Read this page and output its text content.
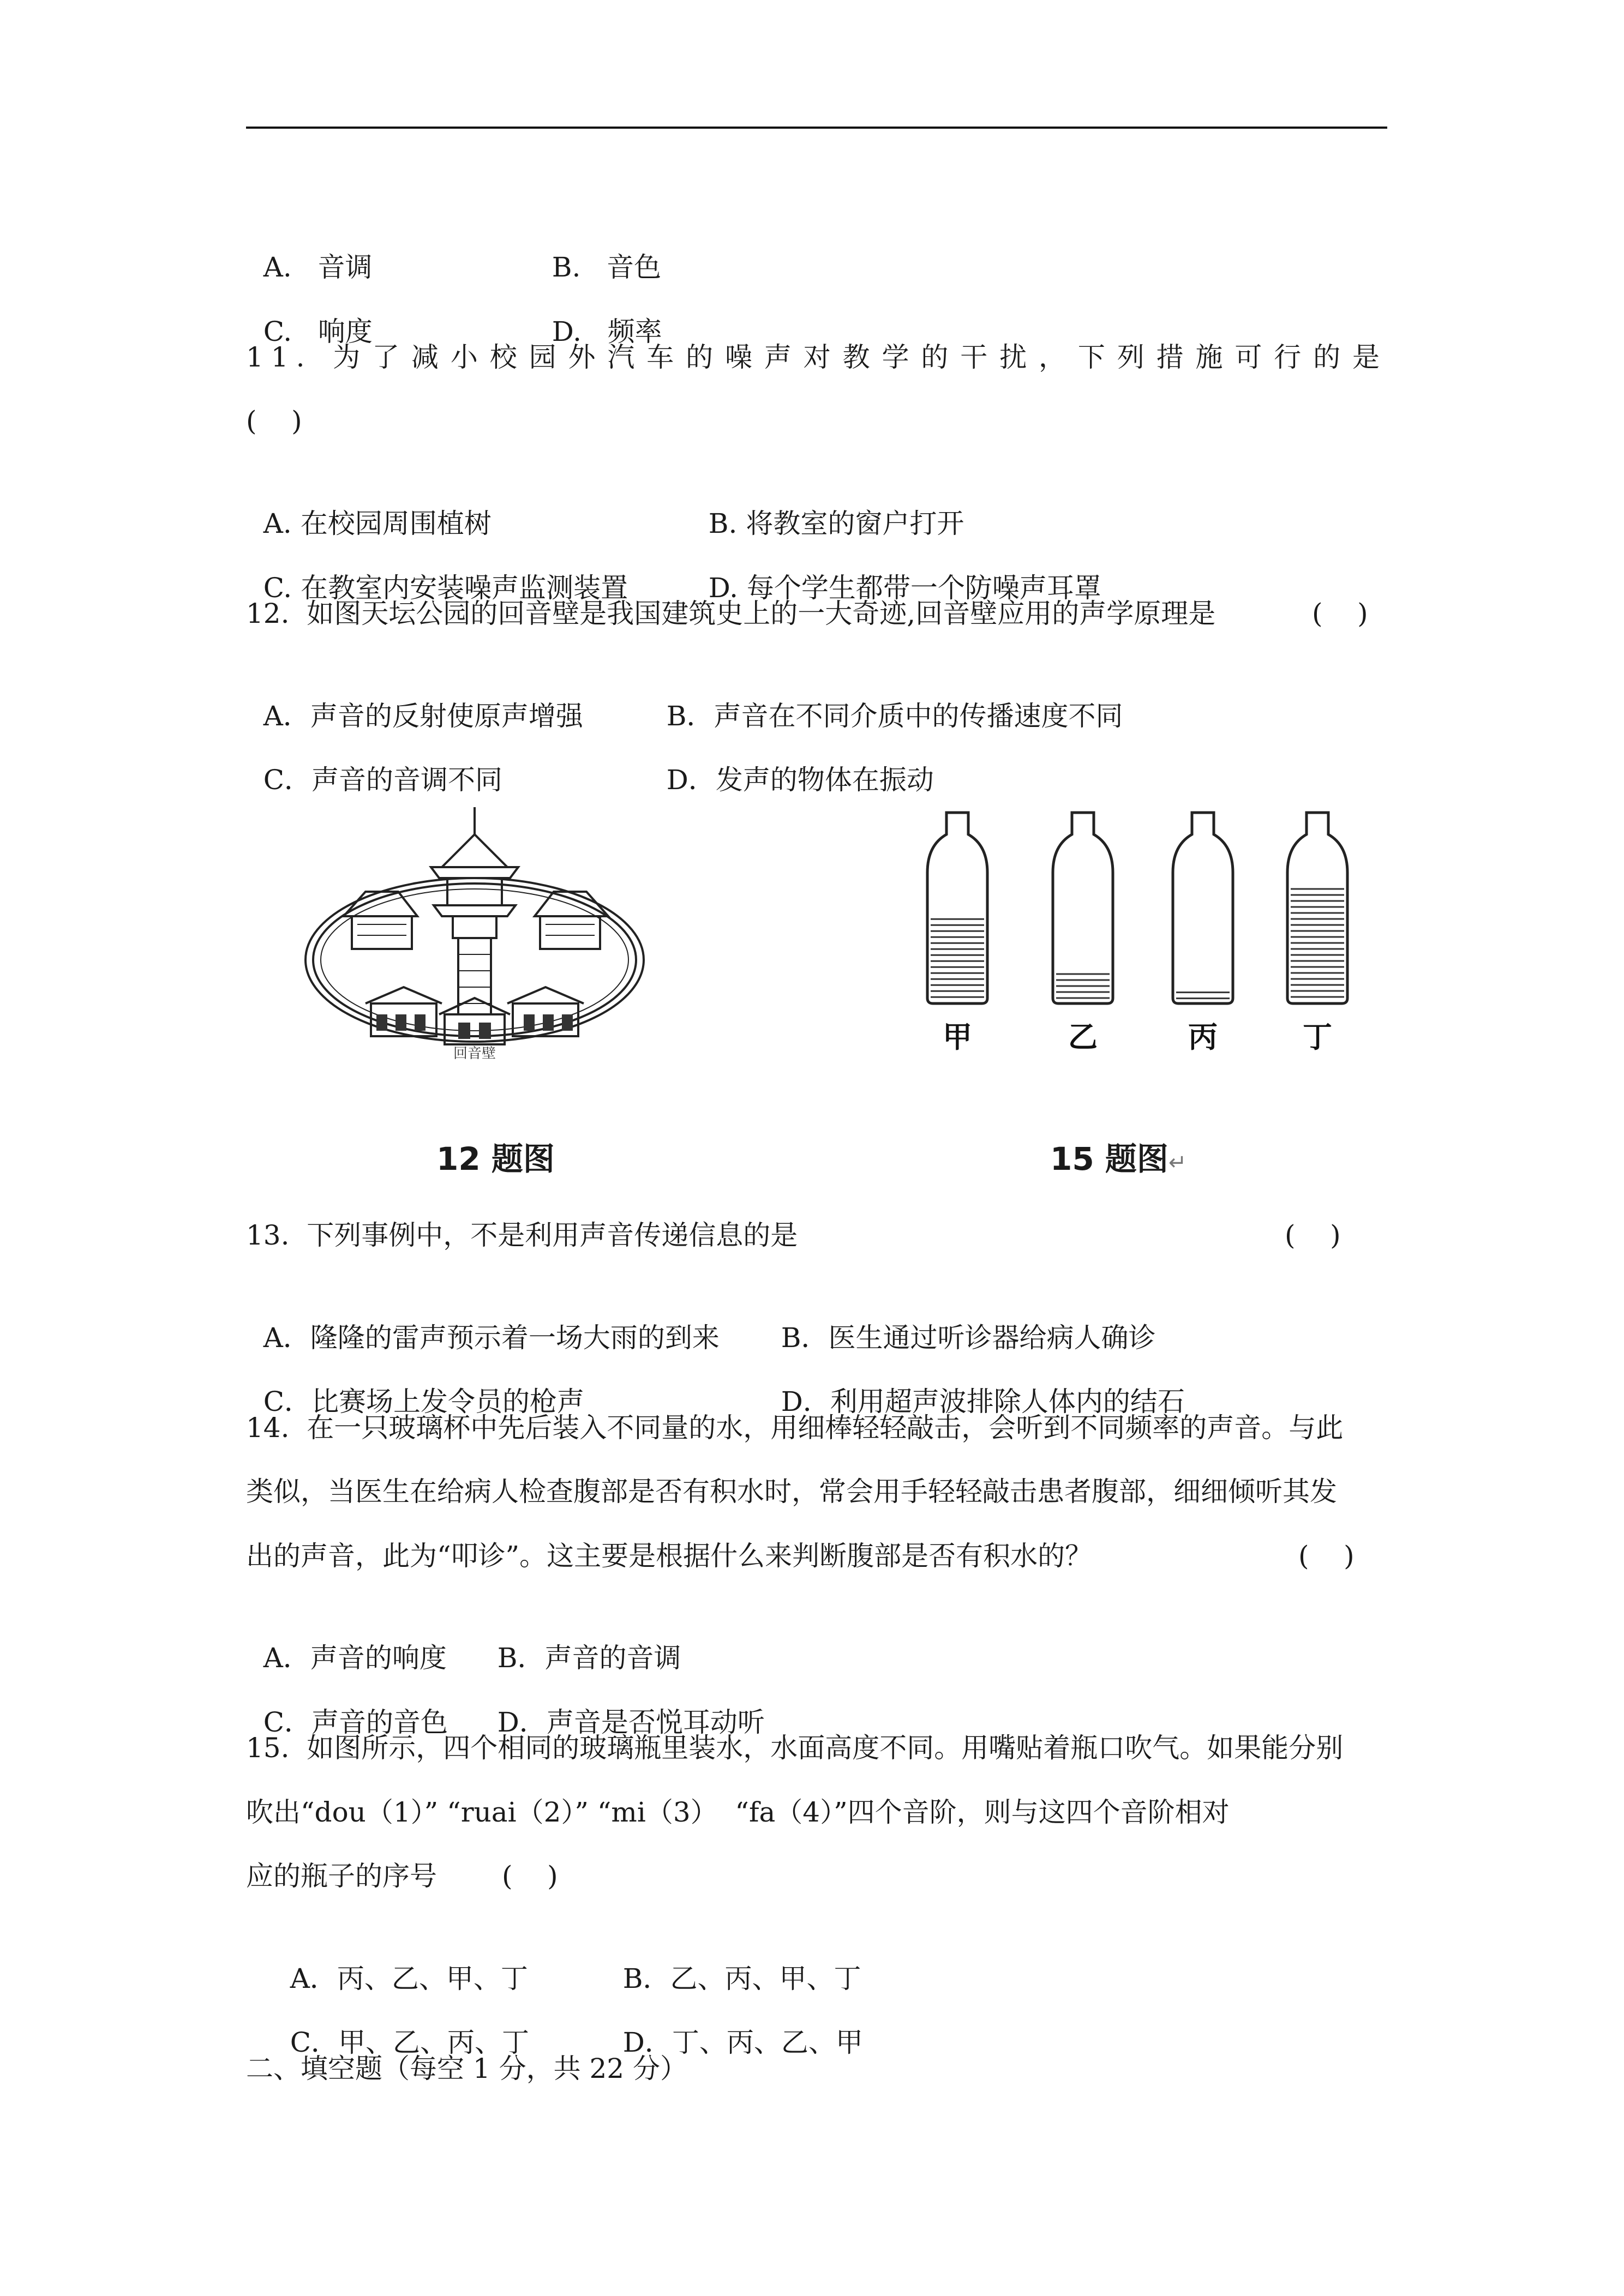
A. 音调	B. 音色

C. 响度	D. 频率

11. 为了减小校园外汽车的噪声对教学的干扰，下列措施可行的是
(    )

A. 在校园周围植树	B. 将教室的窗户打开

C. 在教室内安装噪声监测装置	D. 每个学生都带一个防噪声耳罩

12.  如图天坛公园的回音壁是我国建筑史上的一大奇迹,回音壁应用的声学原理是	(    )

A．声音的反射使原声增强	B．声音在不同介质中的传播速度不同

C．声音的音调不同	D．发声的物体在振动

回音壁	甲	乙	丙	丁
12 题图	15 题图↵
13.  下列事例中，不是利用声音传递信息的是	(    )

A．隆隆的雷声预示着一场大雨的到来	B．医生通过听诊器给病人确诊

C．比赛场上发令员的枪声	D．利用超声波排除人体内的结石

14.  在一只玻璃杯中先后装入不同量的水，用细棒轻轻敲击，会听到不同频率的声音。与此
类似，当医生在给病人检查腹部是否有积水时，常会用手轻轻敲击患者腹部，细细倾听其发
出的声音，此为“叩诊”。这主要是根据什么来判断腹部是否有积水的？	(    )

A．声音的响度	B．声音的音调

C．声音的音色	D．声音是否悦耳动听

15.  如图所示，四个相同的玻璃瓶里装水，水面高度不同。用嘴贴着瓶口吹气。如果能分别
吹出“dou（1）” “ruai（2）” “mi（3）  “fa（4）”四个音阶，则与这四个音阶相对
应的瓶子的序号 (    )

A．丙、乙、甲、丁	B．乙、丙、甲、丁

C．甲、乙、丙、丁	D．丁、丙、乙、甲

二、填空题（每空 1 分，共 22 分）
